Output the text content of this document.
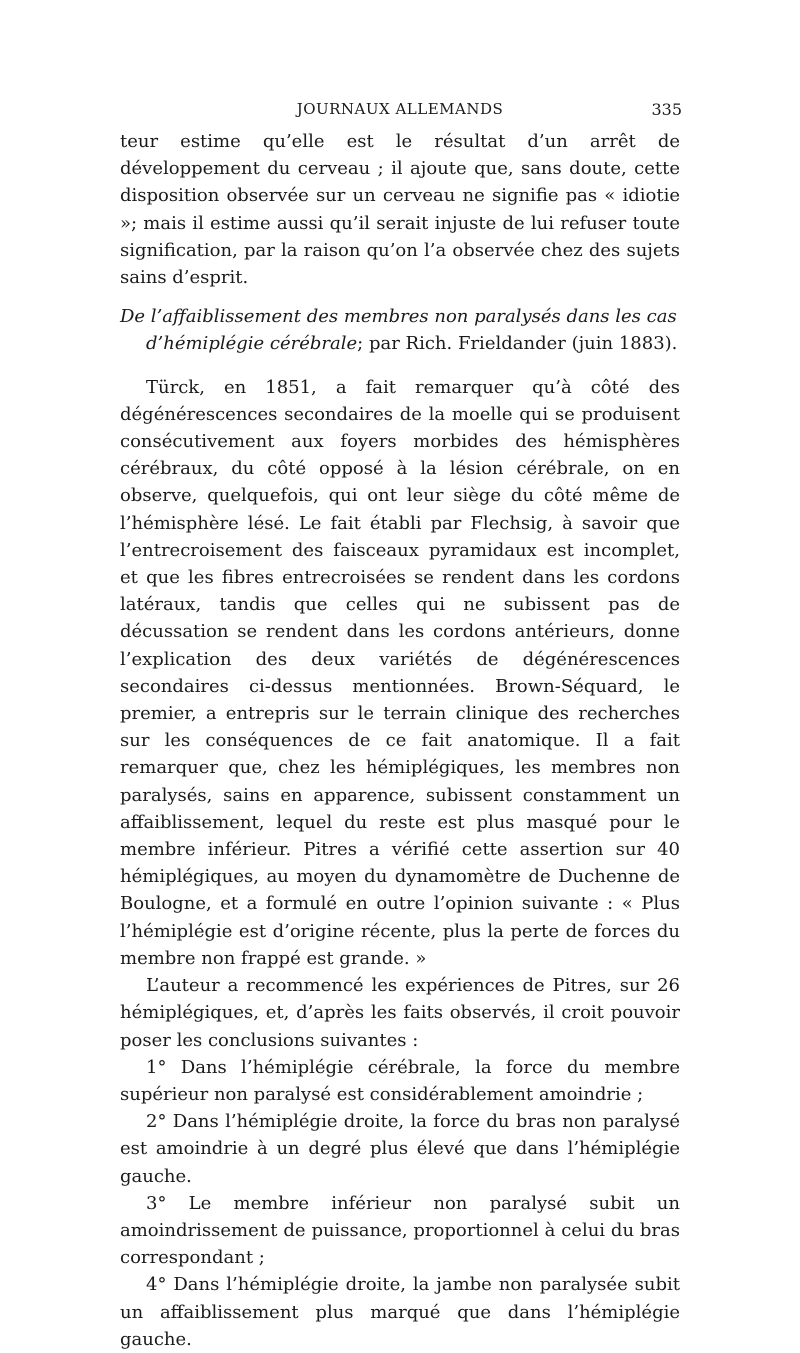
JOURNAUX ALLEMANDS	335

teur estime qu’elle est le résultat d’un arrêt de développement du cerveau ; il ajoute que, sans doute, cette disposition observée sur un cerveau ne signifie pas « idiotie »; mais il estime aussi qu’il serait injuste de lui refuser toute signification, par la raison qu’on l’a observée chez des sujets sains d’esprit.

De l’affaiblissement des membres non paralysés dans les cas d’hémiplégie cérébrale; par Rich. Frieldander (juin 1883).

Türck, en 1851, a fait remarquer qu’à côté des dégénérescences secondaires de la moelle qui se produisent consécutivement aux foyers morbides des hémisphères cérébraux, du côté opposé à la lésion cérébrale, on en observe, quelquefois, qui ont leur siège du côté même de l’hémisphère lésé. Le fait établi par Flechsig, à savoir que l’entrecroisement des faisceaux pyramidaux est incomplet, et que les fibres entrecroisées se rendent dans les cordons latéraux, tandis que celles qui ne subissent pas de décussation se rendent dans les cordons antérieurs, donne l’explication des deux variétés de dégénérescences secondaires ci-dessus mentionnées. Brown-Séquard, le premier, a entrepris sur le terrain clinique des recherches sur les conséquences de ce fait anatomique. Il a fait remarquer que, chez les hémiplégiques, les membres non paralysés, sains en apparence, subissent constamment un affaiblissement, lequel du reste est plus masqué pour le membre inférieur. Pitres a vérifié cette assertion sur 40 hémiplégiques, au moyen du dynamomètre de Duchenne de Boulogne, et a formulé en outre l’opinion suivante : « Plus l’hémiplégie est d’origine récente, plus la perte de forces du membre non frappé est grande. »

L’auteur a recommencé les expériences de Pitres, sur 26 hémiplégiques, et, d’après les faits observés, il croit pouvoir poser les conclusions suivantes :

1° Dans l’hémiplégie cérébrale, la force du membre supérieur non paralysé est considérablement amoindrie ;

2° Dans l’hémiplégie droite, la force du bras non paralysé est amoindrie à un degré plus élevé que dans l’hémiplégie gauche.

3° Le membre inférieur non paralysé subit un amoindrissement de puissance, proportionnel à celui du bras correspondant ;

4° Dans l’hémiplégie droite, la jambe non paralysée subit un affaiblissement plus marqué que dans l’hémiplégie gauche.
